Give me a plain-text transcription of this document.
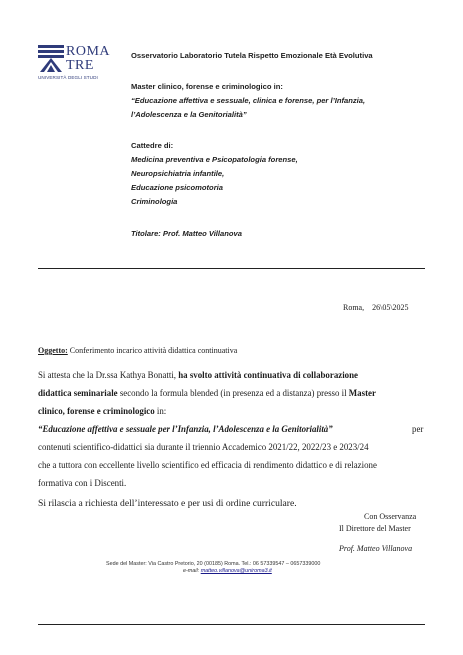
ROMA
TRE
UNIVERSITÀ DEGLI STUDI
Osservatorio Laboratorio Tutela Rispetto Emozionale Età Evolutiva
Master clinico, forense e criminologico in:
“Educazione affettiva e sessuale, clinica e forense, per l’Infanzia,
l’Adolescenza e la Genitorialità”
Cattedre di:
Medicina preventiva e Psicopatologia forense,
Neuropsichiatria infantile,
Educazione psicomotoria
Criminologia
Titolare: Prof. Matteo Villanova
Roma,    26\05\2025
Oggetto: Conferimento incarico attività didattica continuativa
Si attesta che la Dr.ssa Kathya Bonatti, ha svolto attività continuativa di collaborazione
didattica seminariale secondo la formula blended (in presenza ed a distanza) presso il Master
clinico, forense e criminologico in:
“Educazione affettiva e sessuale per l’Infanzia, l’Adolescenza e la Genitorialità”	per
contenuti scientifico-didattici sia durante il triennio Accademico 2021/22, 2022/23 e 2023/24
che a tuttora con eccellente livello scientifico ed efficacia di rendimento didattico e di relazione
formativa con i Discenti.
Si rilascia a richiesta dell’interessato e per usi di ordine curriculare.
Con Osservanza
Il Direttore del Master
Prof. Matteo Villanova
Sede del Master: Via Castro Pretorio, 20 (00185) Roma. Tel.: 06 57339547 – 0657339000
e-mail: matteo.villanova@uniroma3.it
